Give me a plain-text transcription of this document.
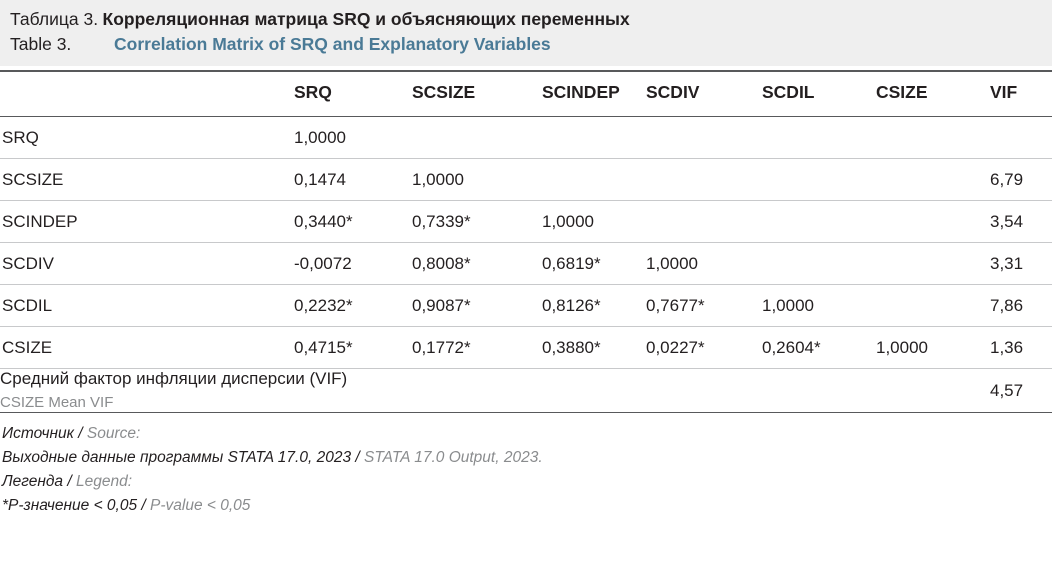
Таблица 3.
Корреляционная матрица SRQ и объясняющих переменных
Table 3.	Correlation Matrix of SRQ and Explanatory Variables
	SRQ	SCSIZE	SCINDEP	SCDIV	SCDIL	CSIZE	VIF
SRQ	1,0000						
SCSIZE	0,1474	1,0000					6,79
SCINDEP	0,3440*	0,7339*	1,0000				3,54
SCDIV	-0,0072	0,8008*	0,6819*	1,0000			3,31
SCDIL	0,2232*	0,9087*	0,8126*	0,7677*	1,0000		7,86
CSIZE	0,4715*	0,1772*	0,3880*	0,0227*	0,2604*	1,0000	1,36

Средний фактор инфляции дисперсии (VIF)
CSIZE Mean VIF							4,57
Источник / Source:
Выходные данные программы STATA 17.0, 2023 / STATA 17.0 Output, 2023.
Легенда / Legend:
*Р-значение < 0,05 / P-value < 0,05
